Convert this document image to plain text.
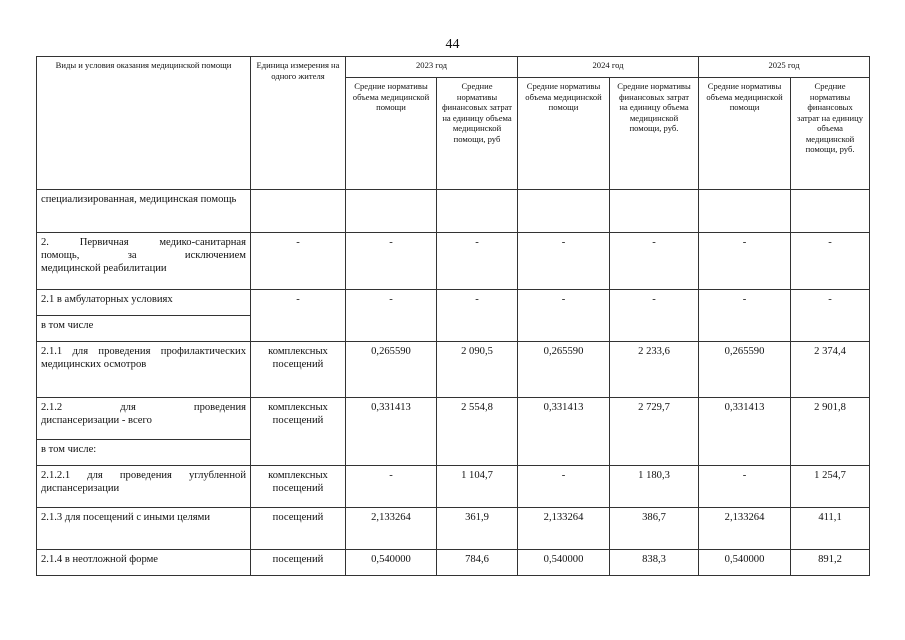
44
Виды и условия оказания медицинской помощи	Единица измерения на одного жителя	2023 год		2024 год		2025 год	
		Средние нормативы объема медицинской помощи	Средние нормативы финансовых затрат на единицу объема медицинской помощи, руб	Средние нормативы объема медицинской помощи	Средние нормативы финансовых затрат на единицу объема медицинской помощи, руб.	Средние нормативы объема медицинской помощи	Средние нормативы финансовых затрат на единицу объема медицинской помощи, руб.
специализированная, медицинская помощь							

2. Первичная медико-санитарная
помощь, за исключением
медицинской реабилитации	-	-	-	-	-	-	-
2.1 в амбулаторных условиях	-	-	-	-	-	-	-
в том числе							
2.1.1 для проведения профилактических медицинских осмотров	комплексных посещений	0,265590	2 090,5	0,265590	2 233,6	0,265590	2 374,4

2.1.2 для проведения
диспансеризации - всего	комплексных посещений	0,331413	2 554,8	0,331413	2 729,7	0,331413	2 901,8
в том числе:							
2.1.2.1 для проведения углубленной диспансеризации	комплексных посещений	-	1 104,7	-	1 180,3	-	1 254,7
2.1.3 для посещений с иными целями	посещений	2,133264	361,9	2,133264	386,7	2,133264	411,1
2.1.4 в неотложной форме	посещений	0,540000	784,6	0,540000	838,3	0,540000	891,2
